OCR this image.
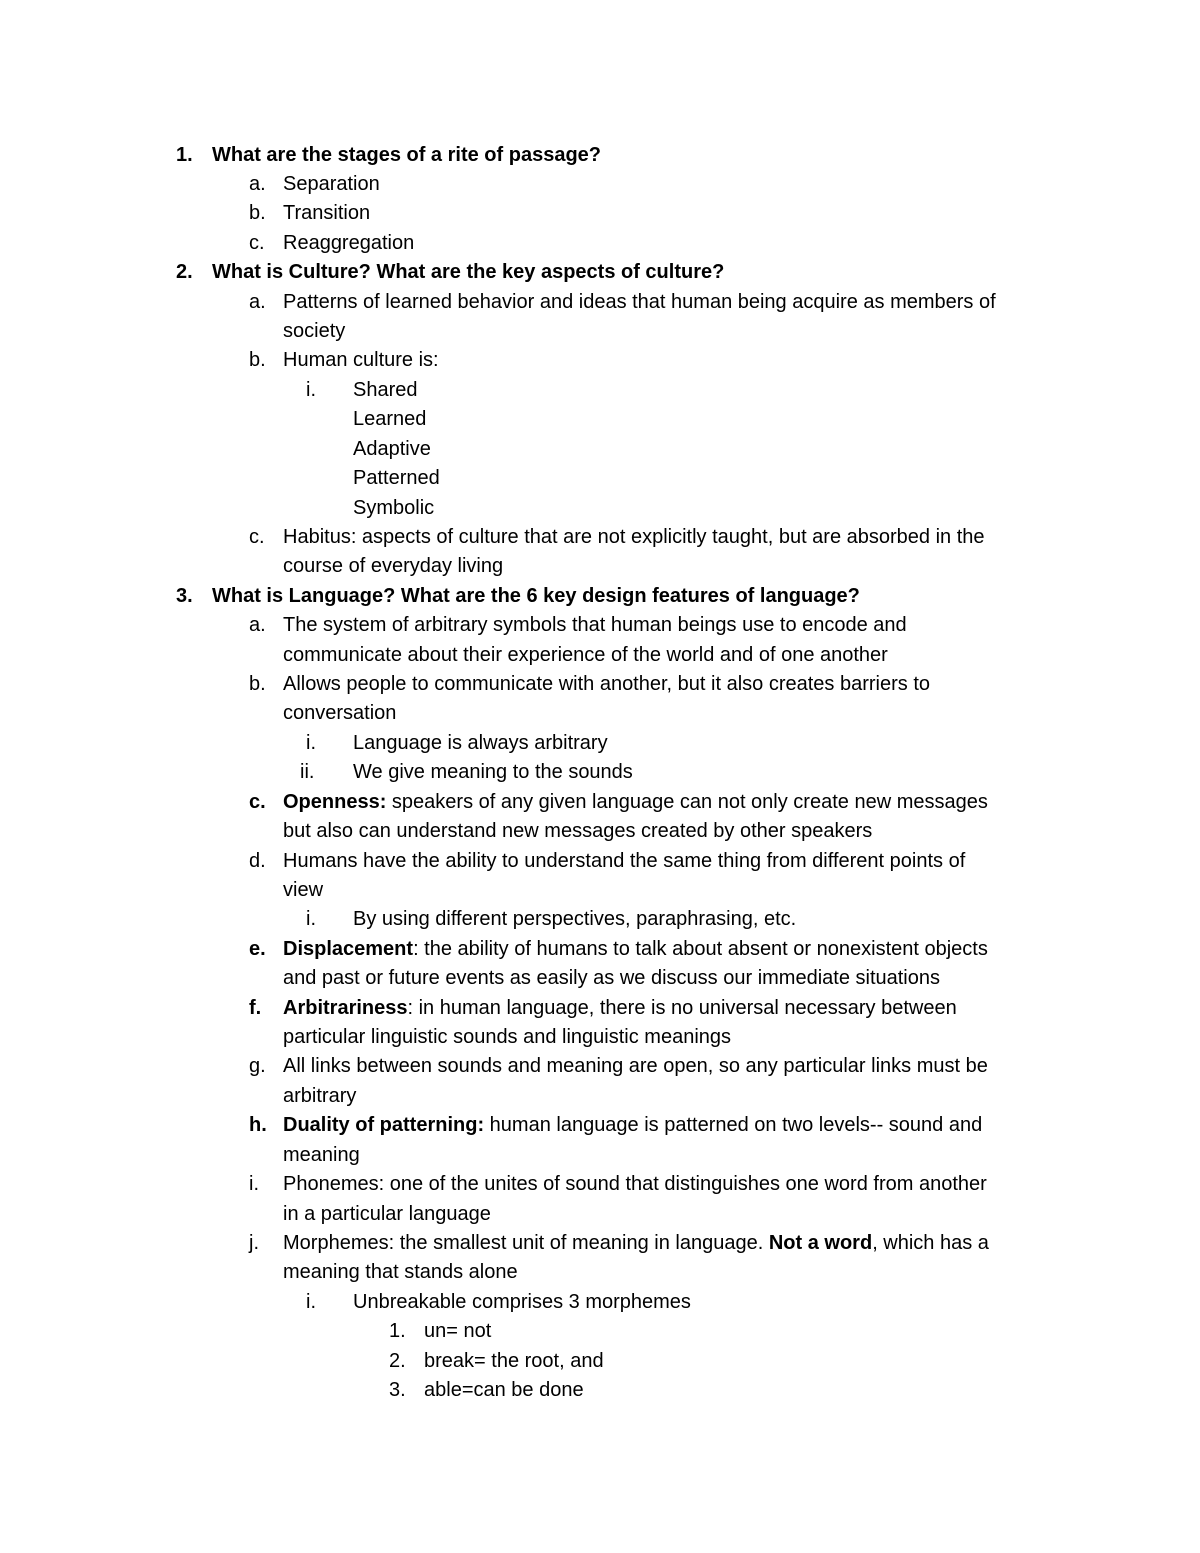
1. What are the stages of a rite of passage?
a. Separation
b. Transition
c. Reaggregation
2. What is Culture? What are the key aspects of culture?
a. Patterns of learned behavior and ideas that human being acquire as members of
society
b. Human culture is:
i. Shared
Learned
Adaptive
Patterned
Symbolic
c. Habitus: aspects of culture that are not explicitly taught, but are absorbed in the
course of everyday living
3. What is Language? What are the 6 key design features of language?
a. The system of arbitrary symbols that human beings use to encode and
communicate about their experience of the world and of one another
b. Allows people to communicate with another, but it also creates barriers to
conversation
i. Language is always arbitrary
ii. We give meaning to the sounds
c. Openness: speakers of any given language can not only create new messages
but also can understand new messages created by other speakers
d. Humans have the ability to understand the same thing from different points of
view
i. By using different perspectives, paraphrasing, etc.
e. Displacement: the ability of humans to talk about absent or nonexistent objects
and past or future events as easily as we discuss our immediate situations
f. Arbitrariness: in human language, there is no universal necessary between
particular linguistic sounds and linguistic meanings
g. All links between sounds and meaning are open, so any particular links must be
arbitrary
h. Duality of patterning: human language is patterned on two levels-- sound and
meaning
i. Phonemes: one of the unites of sound that distinguishes one word from another
in a particular language
j. Morphemes: the smallest unit of meaning in language. Not a word, which has a
meaning that stands alone
i. Unbreakable comprises 3 morphemes
1. un= not
2. break= the root, and
3. able=can be done
